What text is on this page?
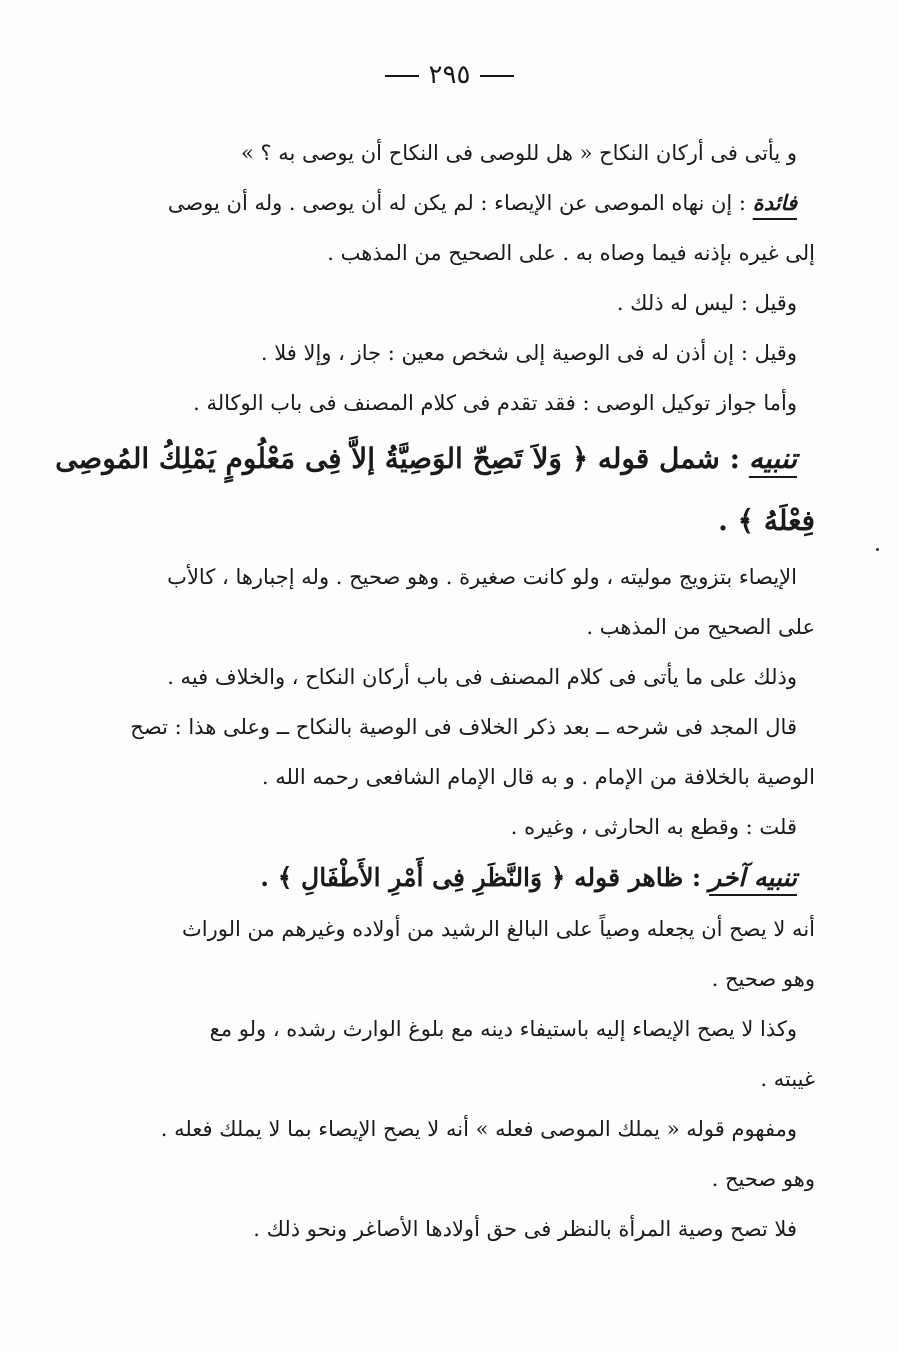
٢٩٥
و يأتى فى أركان النكاح « هل للوصى فى النكاح أن يوصى به ؟ »
فائدة : إن نهاه الموصى عن الإيصاء : لم يكن له أن يوصى . وله أن يوصى
إلى غيره بإذنه فيما وصاه به . على الصحيح من المذهب .
وقيل : ليس له ذلك .
وقيل : إن أذن له فى الوصية إلى شخص معين : جاز ، وإلا فلا .
وأما جواز توكيل الوصى : فقد تقدم فى كلام المصنف فى باب الوكالة .
تنبيه : شمل قوله ﴿ وَلاَ تَصِحّ الوَصِيَّةُ إلاَّ فِى مَعْلُومٍ يَمْلِكُ المُوصِى
فِعْلَهُ ﴾ .
الإيصاء بتزويج موليته ، ولو كانت صغيرة . وهو صحيح . وله إجبارها ، كالأب
على الصحيح من المذهب .
وذلك على ما يأتى فى كلام المصنف فى باب أركان النكاح ، والخلاف فيه .
قال المجد فى شرحه ــ بعد ذكر الخلاف فى الوصية بالنكاح ــ وعلى هذا : تصح
الوصية بالخلافة من الإمام . و به قال الإمام الشافعى رحمه الله .
قلت : وقطع به الحارثى ، وغيره .
تنبيه آخر : ظاهر قوله ﴿ وَالنَّظَرِ فِى أَمْرِ الأَطْفَالِ ﴾ .
أنه لا يصح أن يجعله وصياً على البالغ الرشيد من أولاده وغيرهم من الوراث
وهو صحيح .
وكذا لا يصح الإيصاء إليه باستيفاء دينه مع بلوغ الوارث رشده ، ولو مع
غيبته .
ومفهوم قوله « يملك الموصى فعله » أنه لا يصح الإيصاء بما لا يملك فعله .
وهو صحيح .
فلا تصح وصية المرأة بالنظر فى حق أولادها الأصاغر ونحو ذلك .
